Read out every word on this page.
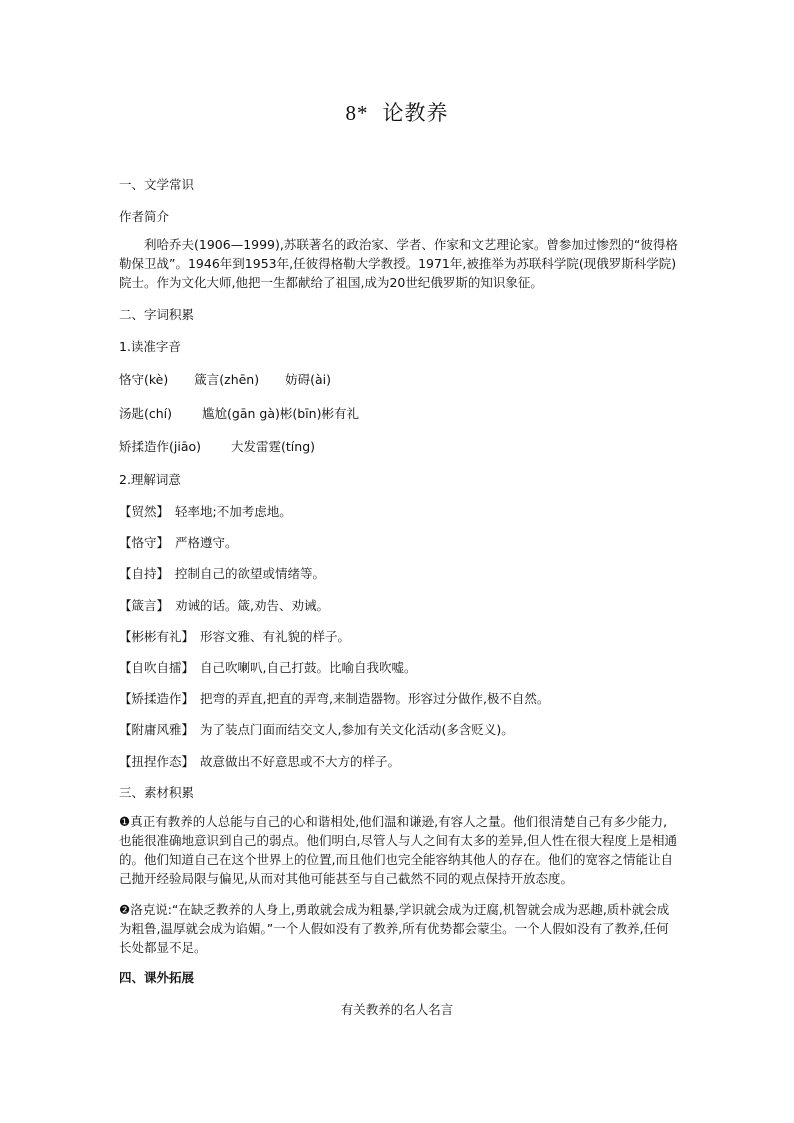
8* 论教养
一、文学常识
作者简介

利哈乔夫(1906—1999),苏联著名的政治家、学者、作家和文艺理论家。曾参加过惨烈的“彼得格勒保卫战”。1946年到1953年,任彼得格勒大学教授。1971年,被推举为苏联科学院(现俄罗斯科学院)院士。作为文化大师,他把一生都献给了祖国,成为20世纪俄罗斯的知识象征。

二、字词积累
1.读准字音
恪守(kè) 箴言(zhēn) 妨碍(ài)
汤匙(chí) 尴尬(gān gà)彬(bīn)彬有礼
矫揉造作(jiāo) 大发雷霆(tíng)
2.理解词意
【贸然】 轻率地;不加考虑地。
【恪守】 严格遵守。
【自持】 控制自己的欲望或情绪等。
【箴言】 劝诫的话。箴,劝告、劝诫。
【彬彬有礼】 形容文雅、有礼貌的样子。
【自吹自擂】 自己吹喇叭,自己打鼓。比喻自我吹嘘。
【矫揉造作】 把弯的弄直,把直的弄弯,来制造器物。形容过分做作,极不自然。
【附庸风雅】 为了装点门面而结交文人,参加有关文化活动(多含贬义)。
【扭捏作态】 故意做出不好意思或不大方的样子。
三、素材积累

❶真正有教养的人总能与自己的心和谐相处,他们温和谦逊,有容人之量。他们很清楚自己有多少能力,也能很准确地意识到自己的弱点。他们明白,尽管人与人之间有太多的差异,但人性在很大程度上是相通的。他们知道自己在这个世界上的位置,而且他们也完全能容纳其他人的存在。他们的宽容之情能让自己抛开经验局限与偏见,从而对其他可能甚至与自己截然不同的观点保持开放态度。

❷洛克说:“在缺乏教养的人身上,勇敢就会成为粗暴,学识就会成为迂腐,机智就会成为恶趣,质朴就会成为粗鲁,温厚就会成为谄媚。”一个人假如没有了教养,所有优势都会蒙尘。一个人假如没有了教养,任何长处都显不足。

四、课外拓展
有关教养的名人名言
